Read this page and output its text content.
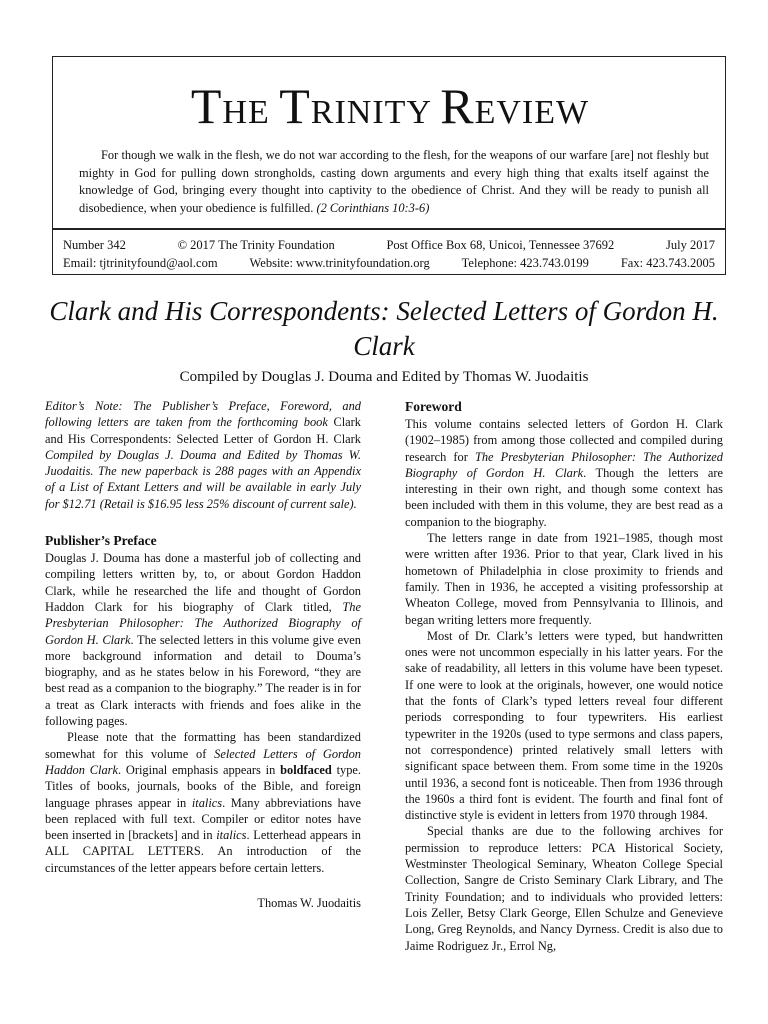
THE TRINITY REVIEW
For though we walk in the flesh, we do not war according to the flesh, for the weapons of our warfare [are] not fleshly but mighty in God for pulling down strongholds, casting down arguments and every high thing that exalts itself against the knowledge of God, bringing every thought into captivity to the obedience of Christ. And they will be ready to punish all disobedience, when your obedience is fulfilled. (2 Corinthians 10:3-6)
Number 342	© 2017 The Trinity Foundation	Post Office Box 68, Unicoi, Tennessee 37692	July 2017
Email: tjtrinityfound@aol.com	Website: www.trinityfoundation.org	Telephone: 423.743.0199	Fax: 423.743.2005
Clark and His Correspondents: Selected Letters of Gordon H. Clark
Compiled by Douglas J. Douma and Edited by Thomas W. Juodaitis

Editor’s Note: The Publisher’s Preface, Foreword, and following letters are taken from the forthcoming book Clark and His Correspondents: Selected Letter of Gordon H. Clark Compiled by Douglas J. Douma and Edited by Thomas W. Juodaitis. The new paperback is 288 pages with an Appendix of a List of Extant Letters and will be available in early July for $12.71 (Retail is $16.95 less 25% discount of current sale).

Publisher’s Preface

Douglas J. Douma has done a masterful job of collecting and compiling letters written by, to, or about Gordon Haddon Clark, while he researched the life and thought of Gordon Haddon Clark for his biography of Clark titled, The Presbyterian Philosopher: The Authorized Biography of Gordon H. Clark. The selected letters in this volume give even more background information and detail to Douma’s biography, and as he states below in his Foreword, “they are best read as a companion to the biography.” The reader is in for a treat as Clark interacts with friends and foes alike in the following pages.

Please note that the formatting has been standardized somewhat for this volume of Selected Letters of Gordon Haddon Clark. Original emphasis appears in boldfaced type. Titles of books, journals, books of the Bible, and foreign language phrases appear in italics. Many abbreviations have been replaced with full text. Compiler or editor notes have been inserted in [brackets] and in italics. Letterhead appears in ALL CAPITAL LETTERS. An introduction of the circumstances of the letter appears before certain letters.

Thomas W. Juodaitis

Foreword

This volume contains selected letters of Gordon H. Clark (1902–1985) from among those collected and compiled during research for The Presbyterian Philosopher: The Authorized Biography of Gordon H. Clark. Though the letters are interesting in their own right, and though some context has been included with them in this volume, they are best read as a companion to the biography.

The letters range in date from 1921–1985, though most were written after 1936. Prior to that year, Clark lived in his hometown of Philadelphia in close proximity to friends and family. Then in 1936, he accepted a visiting professorship at Wheaton College, moved from Pennsylvania to Illinois, and began writing letters more frequently.

Most of Dr. Clark’s letters were typed, but handwritten ones were not uncommon especially in his latter years. For the sake of readability, all letters in this volume have been typeset. If one were to look at the originals, however, one would notice that the fonts of Clark’s typed letters reveal four different periods corresponding to four typewriters. His earliest typewriter in the 1920s (used to type sermons and class papers, not correspondence) printed relatively small letters with significant space between them. From some time in the 1920s until 1936, a second font is noticeable. Then from 1936 through the 1960s a third font is evident. The fourth and final font of distinctive style is evident in letters from 1970 through 1984.

Special thanks are due to the following archives for permission to reproduce letters: PCA Historical Society, Westminster Theological Seminary, Wheaton College Special Collection, Sangre de Cristo Seminary Clark Library, and The Trinity Foundation; and to individuals who provided letters: Lois Zeller, Betsy Clark George, Ellen Schulze and Genevieve Long, Greg Reynolds, and Nancy Dyrness. Credit is also due to Jaime Rodriguez Jr., Errol Ng,
